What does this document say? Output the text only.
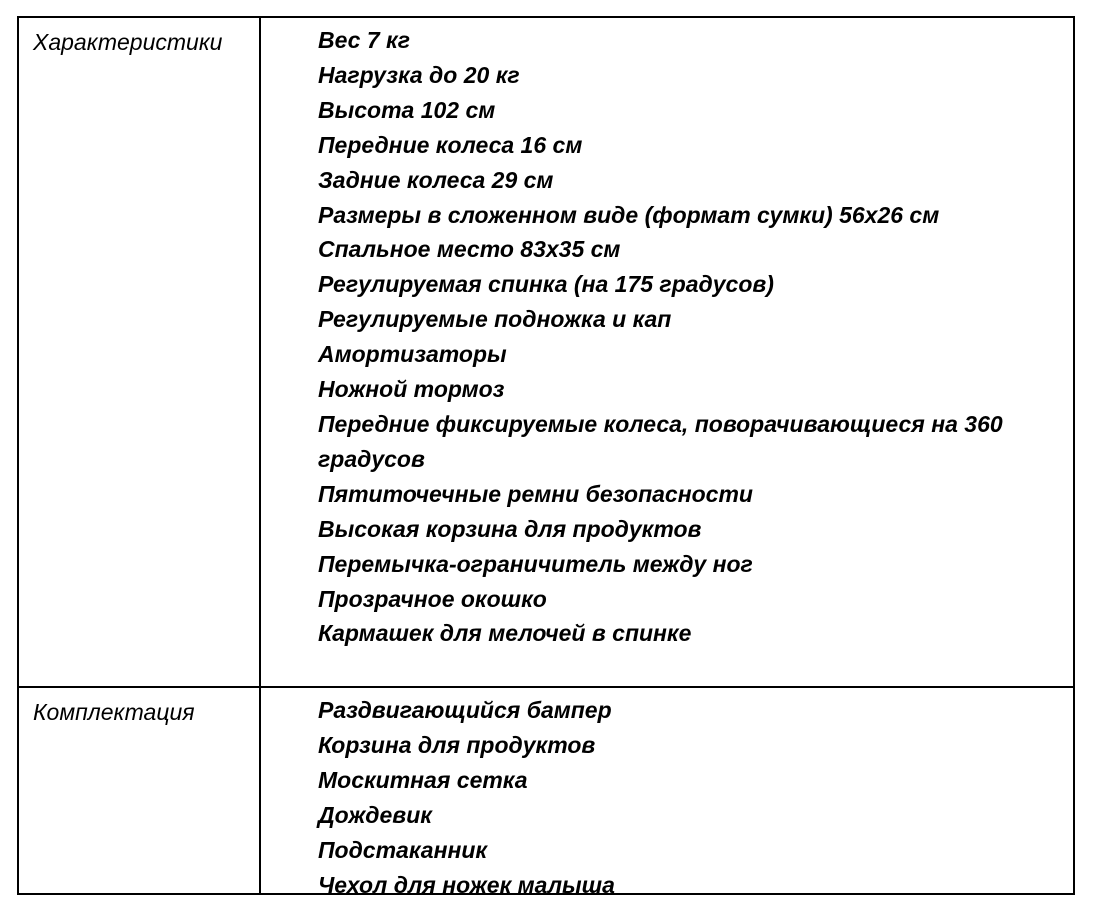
Характеристики	Вес 7 кг
Нагрузка до 20 кг
Высота 102 см
Передние колеса 16 см
Задние колеса 29 см
Размеры в сложенном виде (формат сумки) 56x26 см
Спальное место 83х35 см
Регулируемая спинка (на 175 градусов)
Регулируемые подножка и кап
Амортизаторы
Ножной тормоз
Передние фиксируемые колеса, поворачивающиеся на 360
градусов
Пятиточечные ремни безопасности
Высокая корзина для продуктов
Перемычка-ограничитель между ног
Прозрачное окошко
Кармашек для мелочей в спинке
Комплектация	Раздвигающийся бампер
Корзина для продуктов
Москитная сетка
Дождевик
Подстаканник
Чехол для ножек малыша
